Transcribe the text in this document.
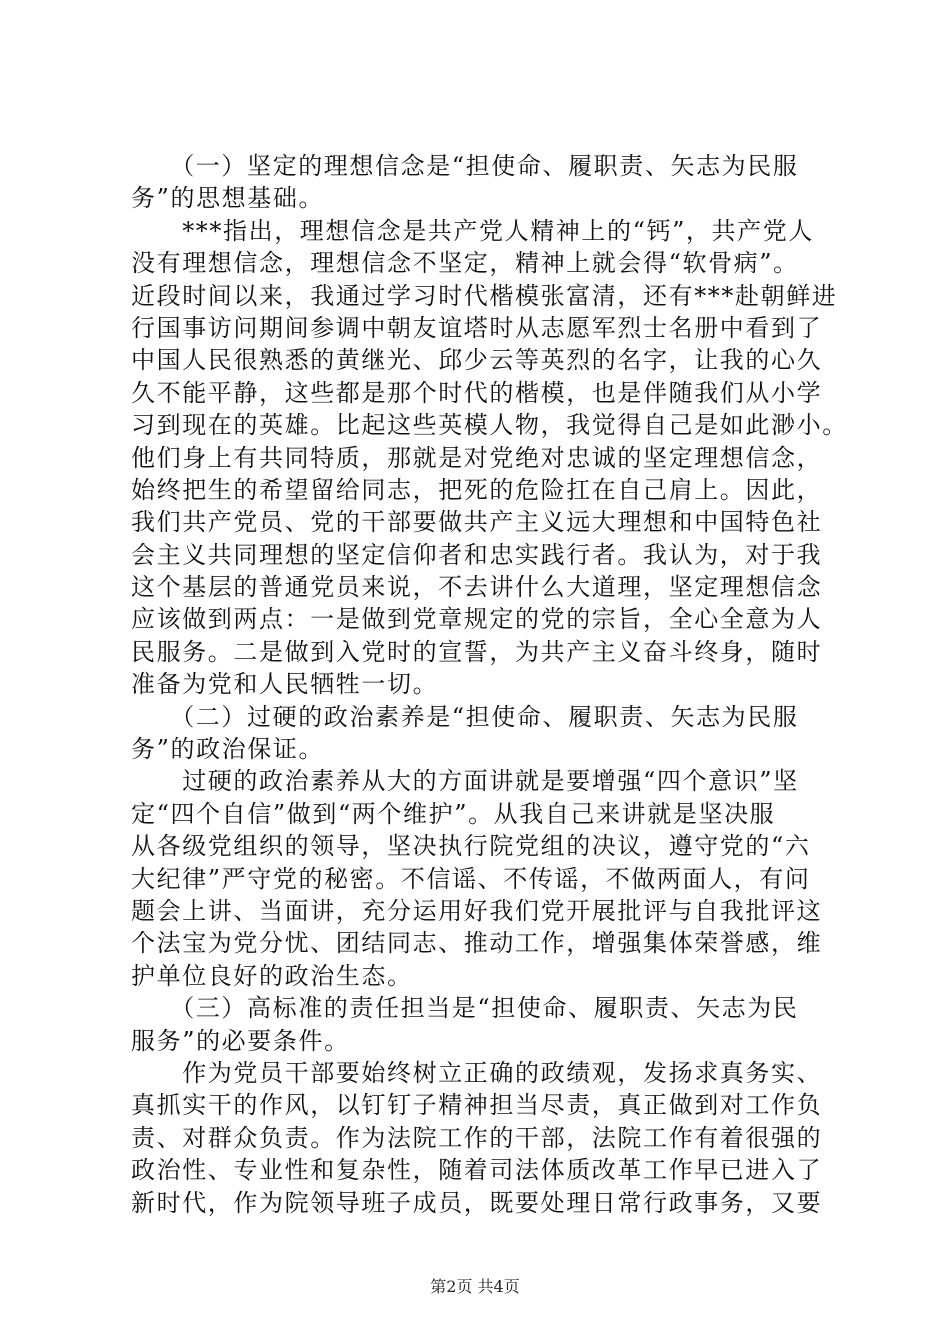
　　（一）坚定的理想信念是“担使命、履职责、矢志为民服
务”的思想基础。
　　***指出，理想信念是共产党人精神上的“钙”，共产党人
没有理想信念，理想信念不坚定，精神上就会得“软骨病”。
近段时间以来，我通过学习时代楷模张富清，还有***赴朝鲜进
行国事访问期间参调中朝友谊塔时从志愿军烈士名册中看到了
中国人民很熟悉的黄继光、邱少云等英烈的名字，让我的心久
久不能平静，这些都是那个时代的楷模，也是伴随我们从小学
习到现在的英雄。比起这些英模人物，我觉得自己是如此渺小。
他们身上有共同特质，那就是对党绝对忠诚的坚定理想信念，
始终把生的希望留给同志，把死的危险扛在自己肩上。因此，
我们共产党员、党的干部要做共产主义远大理想和中国特色社
会主义共同理想的坚定信仰者和忠实践行者。我认为，对于我
这个基层的普通党员来说，不去讲什么大道理，坚定理想信念
应该做到两点：一是做到党章规定的党的宗旨，全心全意为人
民服务。二是做到入党时的宣誓，为共产主义奋斗终身，随时
准备为党和人民牺牲一切。
　　（二）过硬的政治素养是“担使命、履职责、矢志为民服
务”的政治保证。
　　过硬的政治素养从大的方面讲就是要增强“四个意识”坚
定“四个自信”做到“两个维护”。从我自己来讲就是坚决服
从各级党组织的领导，坚决执行院党组的决议，遵守党的“六
大纪律”严守党的秘密。不信谣、不传谣，不做两面人，有问
题会上讲、当面讲，充分运用好我们党开展批评与自我批评这
个法宝为党分忧、团结同志、推动工作，增强集体荣誉感，维
护单位良好的政治生态。
　　（三）高标准的责任担当是“担使命、履职责、矢志为民
服务”的必要条件。
　　作为党员干部要始终树立正确的政绩观，发扬求真务实、
真抓实干的作风，以钉钉子精神担当尽责，真正做到对工作负
责、对群众负责。作为法院工作的干部，法院工作有着很强的
政治性、专业性和复杂性，随着司法体质改革工作早已进入了
新时代，作为院领导班子成员，既要处理日常行政事务，又要
第2页 共4页
